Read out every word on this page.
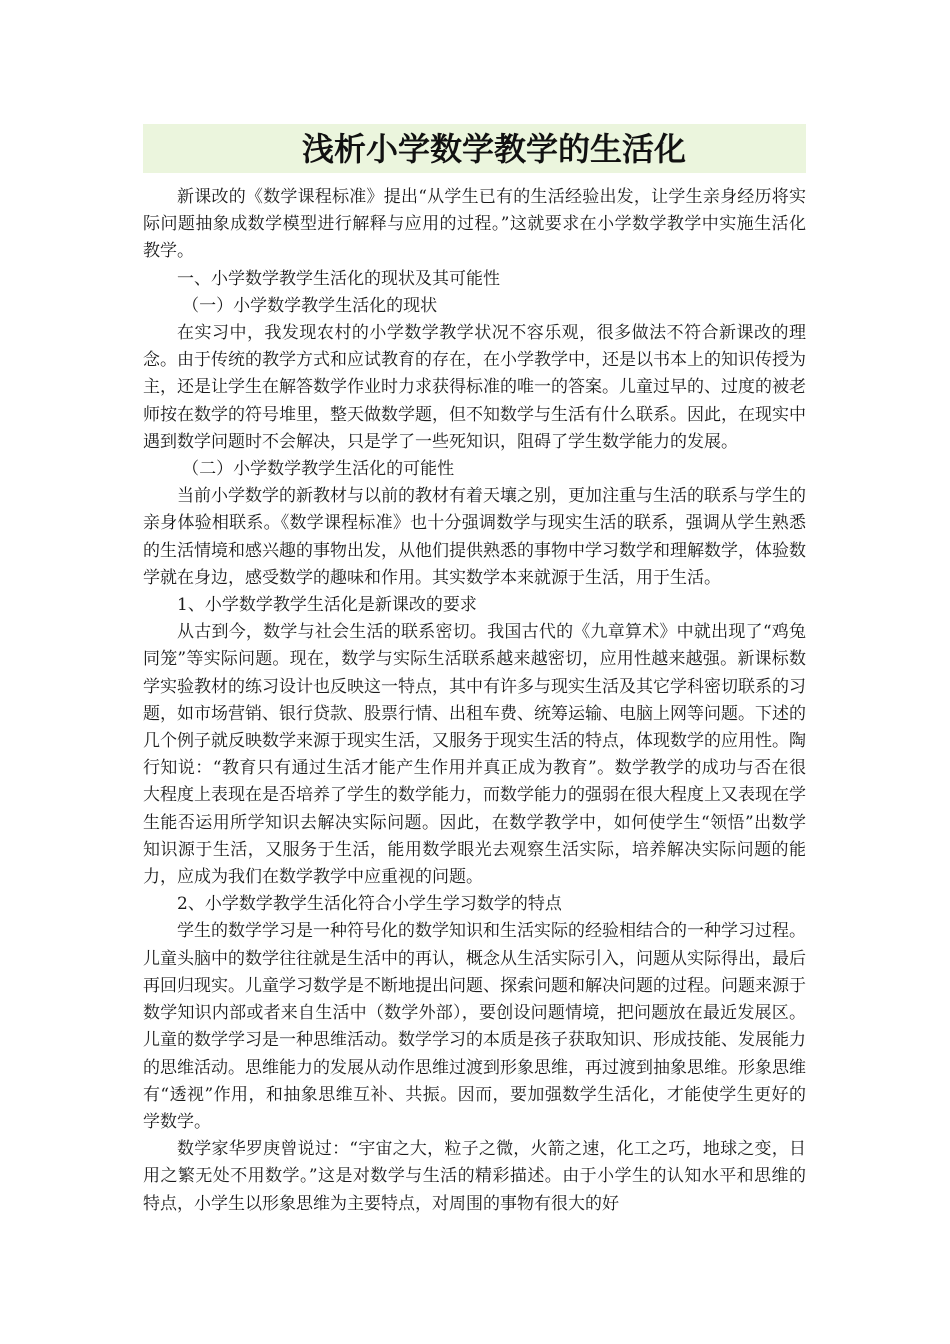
浅析小学数学教学的生活化

新课改的《数学课程标准》提出“从学生已有的生活经验出发，让学生亲身经历将实际问题抽象成数学模型进行解释与应用的过程。”这就要求在小学数学教学中实施生活化教学。

一、小学数学教学生活化的现状及其可能性

（一）小学数学教学生活化的现状

在实习中，我发现农村的小学数学教学状况不容乐观，很多做法不符合新课改的理念。由于传统的教学方式和应试教育的存在，在小学教学中，还是以书本上的知识传授为主，还是让学生在解答数学作业时力求获得标准的唯一的答案。儿童过早的、过度的被老师按在数学的符号堆里，整天做数学题，但不知数学与生活有什么联系。因此，在现实中遇到数学问题时不会解决，只是学了一些死知识，阻碍了学生数学能力的发展。

（二）小学数学教学生活化的可能性

当前小学数学的新教材与以前的教材有着天壤之别，更加注重与生活的联系与学生的亲身体验相联系。《数学课程标准》也十分强调数学与现实生活的联系，强调从学生熟悉的生活情境和感兴趣的事物出发，从他们提供熟悉的事物中学习数学和理解数学，体验数学就在身边，感受数学的趣味和作用。其实数学本来就源于生活，用于生活。

1、小学数学教学生活化是新课改的要求

从古到今，数学与社会生活的联系密切。我国古代的《九章算术》中就出现了“鸡兔同笼”等实际问题。现在，数学与实际生活联系越来越密切，应用性越来越强。新课标数学实验教材的练习设计也反映这一特点，其中有许多与现实生活及其它学科密切联系的习题，如市场营销、银行贷款、股票行情、出租车费、统筹运输、电脑上网等问题。下述的几个例子就反映数学来源于现实生活，又服务于现实生活的特点，体现数学的应用性。陶行知说：“教育只有通过生活才能产生作用并真正成为教育”。数学教学的成功与否在很大程度上表现在是否培养了学生的数学能力，而数学能力的强弱在很大程度上又表现在学生能否运用所学知识去解决实际问题。因此，在数学教学中，如何使学生“领悟”出数学知识源于生活，又服务于生活，能用数学眼光去观察生活实际，培养解决实际问题的能力，应成为我们在数学教学中应重视的问题。

2、小学数学教学生活化符合小学生学习数学的特点

学生的数学学习是一种符号化的数学知识和生活实际的经验相结合的一种学习过程。儿童头脑中的数学往往就是生活中的再认，概念从生活实际引入，问题从实际得出，最后再回归现实。儿童学习数学是不断地提出问题、探索问题和解决问题的过程。问题来源于数学知识内部或者来自生活中（数学外部），要创设问题情境，把问题放在最近发展区。儿童的数学学习是一种思维活动。数学学习的本质是孩子获取知识、形成技能、发展能力的思维活动。思维能力的发展从动作思维过渡到形象思维，再过渡到抽象思维。形象思维有“透视”作用，和抽象思维互补、共振。因而，要加强数学生活化，才能使学生更好的学数学。

数学家华罗庚曾说过：“宇宙之大，粒子之微，火箭之速，化工之巧，地球之变，日用之繁无处不用数学。”这是对数学与生活的精彩描述。由于小学生的认知水平和思维的特点，小学生以形象思维为主要特点，对周围的事物有很大的好
